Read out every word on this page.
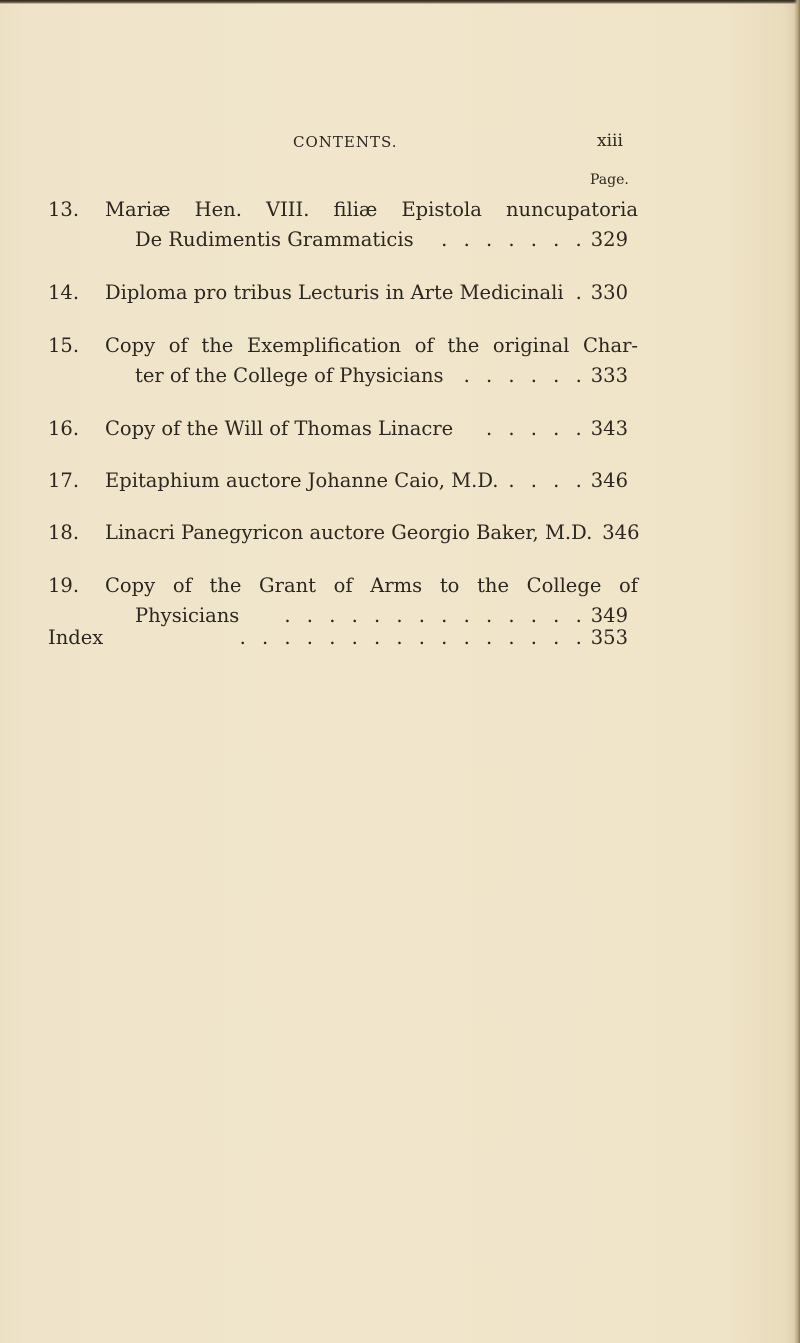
CONTENTS.	xiii
Page.
13. Mariæ Hen. VIII. filiæ Epistola nuncupatoria
De Rudimentis Grammaticis	. . . . . . . 329
14. Diploma pro tribus Lecturis in Arte Medicinali . 330
15. Copy of the Exemplification of the original Char-
ter of the College of Physicians	. . . . . . 333
16. Copy of the Will of Thomas Linacre	. . . . . 343
17. Epitaphium auctore Johanne Caio, M.D. . . . . 346
18. Linacri Panegyricon auctore Georgio Baker, M.D. 346
19. Copy of the Grant of Arms to the College of
Physicians	. . . . . . . . . . . . . . 349
Index	. . . . . . . . . . . . . . . . 353
